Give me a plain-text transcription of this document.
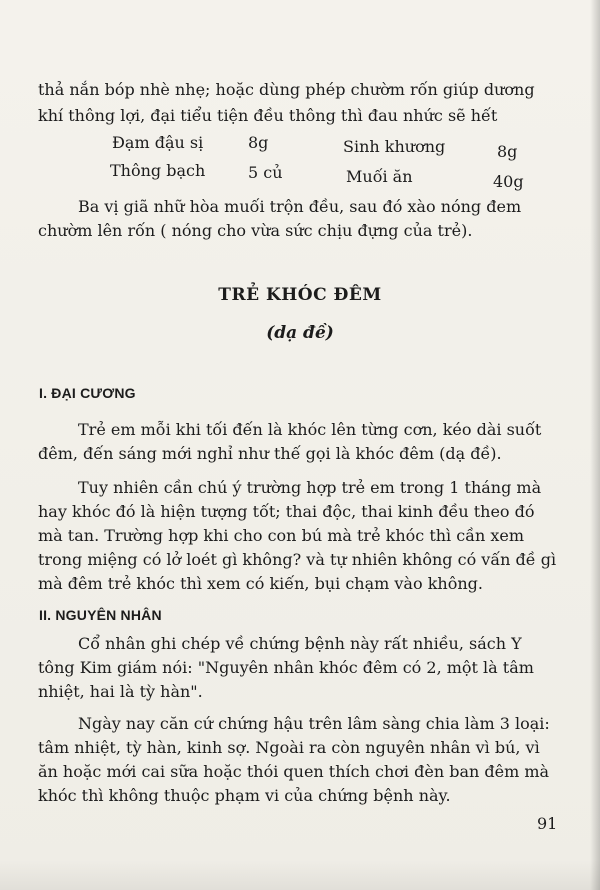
thả nắn bóp nhè nhẹ; hoặc dùng phép chườm rốn giúp dương

khí thông lợi, đại tiểu tiện đều thông thì đau nhức sẽ hết

Đạm đậu sị	8g	Sinh khương	8g
Thông bạch	5 củ	Muối ăn	40g

Ba vị giã nhữ hòa muối trộn đều, sau đó xào nóng đem

chườm lên rốn ( nóng cho vừa sức chịu đựng của trẻ).

TRẺ KHÓC ĐÊM
(dạ đề)
I. ĐẠI CƯƠNG
Trẻ em mỗi khi tối đến là khóc lên từng cơn, kéo dài suốt
đêm, đến sáng mới nghỉ như thế gọi là khóc đêm (dạ đề).
Tuy nhiên cần chú ý trường hợp trẻ em trong 1 tháng mà
hay khóc đó là hiện tượng tốt; thai độc, thai kinh đều theo đó
mà tan. Trường hợp khi cho con bú mà trẻ khóc thì cần xem
trong miệng có lở loét gì không? và tự nhiên không có vấn đề gì
mà đêm trẻ khóc thì xem có kiến, bụi chạm vào không.
II. NGUYÊN NHÂN
Cổ nhân ghi chép về chứng bệnh này rất nhiều, sách Y
tông Kim giám nói: "Nguyên nhân khóc đêm có 2, một là tâm
nhiệt, hai là tỳ hàn".
Ngày nay căn cứ chứng hậu trên lâm sàng chia làm 3 loại:
tâm nhiệt, tỳ hàn, kinh sợ. Ngoài ra còn nguyên nhân vì bú, vì
ăn hoặc mới cai sữa hoặc thói quen thích chơi đèn ban đêm mà
khóc thì không thuộc phạm vi của chứng bệnh này.
91
